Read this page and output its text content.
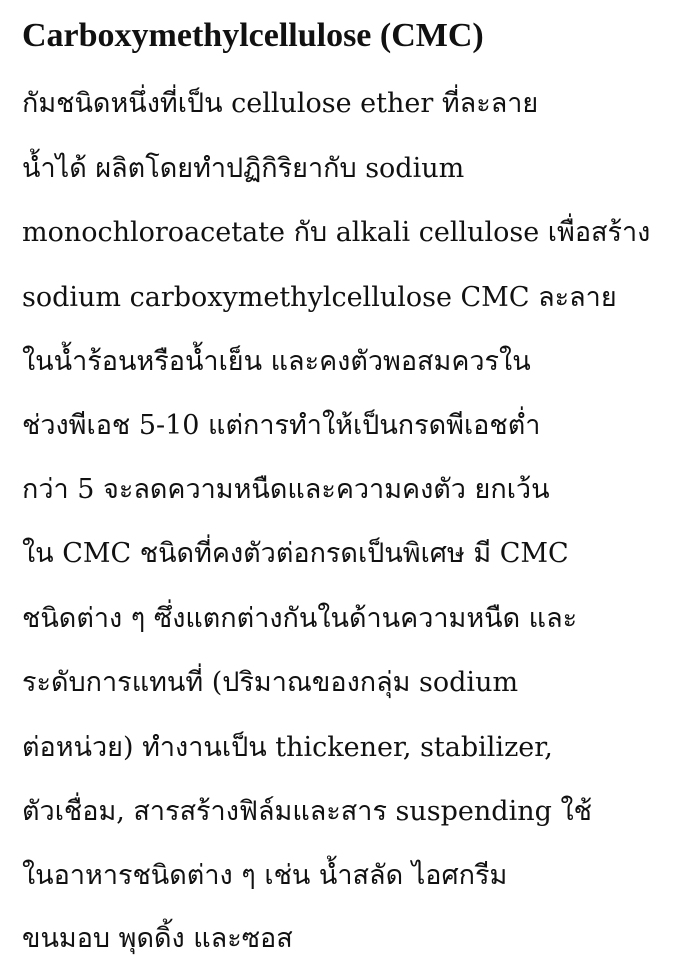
Carboxymethylcellulose (CMC)
กัมชนิดหนึ่งที่เป็น cellulose ether ที่ละลาย
น้ำได้ ผลิตโดยทำปฏิกิริยากับ sodium
monochloroacetate กับ alkali cellulose เพื่อสร้าง
sodium carboxymethylcellulose CMC ละลาย
ในน้ำร้อนหรือน้ำเย็น และคงตัวพอสมควรใน
ช่วงพีเอช 5-10 แต่การทำให้เป็นกรดพีเอชต่ำ
กว่า 5 จะลดความหนืดและความคงตัว ยกเว้น
ใน CMC ชนิดที่คงตัวต่อกรดเป็นพิเศษ มี CMC
ชนิดต่าง ๆ ซึ่งแตกต่างกันในด้านความหนืด และ
ระดับการแทนที่ (ปริมาณของกลุ่ม sodium
ต่อหน่วย) ทำงานเป็น thickener, stabilizer,
ตัวเชื่อม, สารสร้างฟิล์มและสาร suspending ใช้
ในอาหารชนิดต่าง ๆ เช่น น้ำสลัด ไอศกรีม
ขนมอบ พุดดิ้ง และซอส
